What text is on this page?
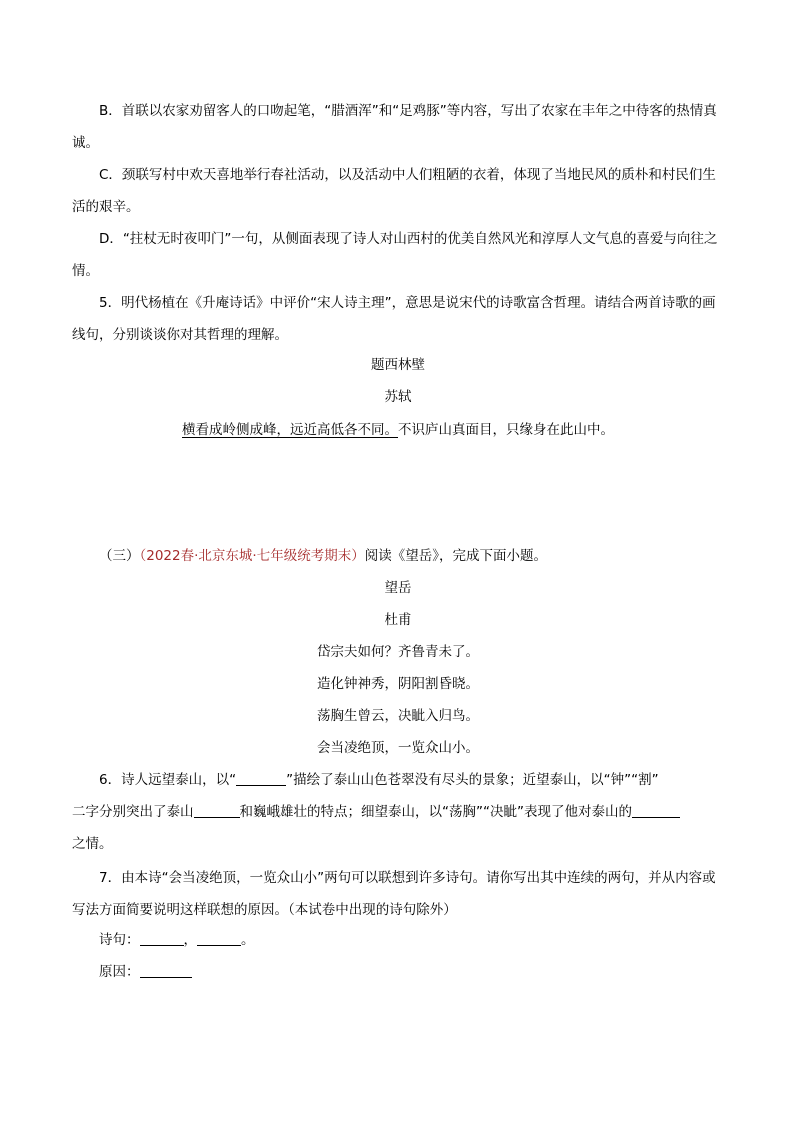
B．首联以农家劝留客人的口吻起笔，“腊酒浑”和“足鸡豚”等内容，写出了农家在丰年之中待客的热情真诚。

C．颈联写村中欢天喜地举行春社活动，以及活动中人们粗陋的衣着，体现了当地民风的质朴和村民们生活的艰辛。

D．“拄杖无时夜叩门”一句，从侧面表现了诗人对山西村的优美自然风光和淳厚人文气息的喜爱与向往之情。

5．明代杨植在《升庵诗话》中评价“宋人诗主理”，意思是说宋代的诗歌富含哲理。请结合两首诗歌的画线句，分别谈谈你对其哲理的理解。

题西林壁

苏轼

横看成岭侧成峰，远近高低各不同。不识庐山真面目，只缘身在此山中。

（三）（2022春·北京东城·七年级统考期末）阅读《望岳》，完成下面小题。

望岳

杜甫

岱宗夫如何？齐鲁青未了。

造化钟神秀，阴阳割昏晓。

荡胸生曾云，决眦入归鸟。

会当凌绝顶，一览众山小。

6．诗人远望泰山，以“	”描绘了泰山山色苍翠没有尽头的景象；近望泰山，以“钟”“割”

二字分别突出了泰山	和巍峨雄壮的特点；细望泰山，以“荡胸”“决眦”表现了他对泰山的

之情。

7．由本诗“会当凌绝顶，一览众山小”两句可以联想到许多诗句。请你写出其中连续的两句，并从内容或写法方面简要说明这样联想的原因。（本试卷中出现的诗句除外）

诗句：	，	。

原因：
